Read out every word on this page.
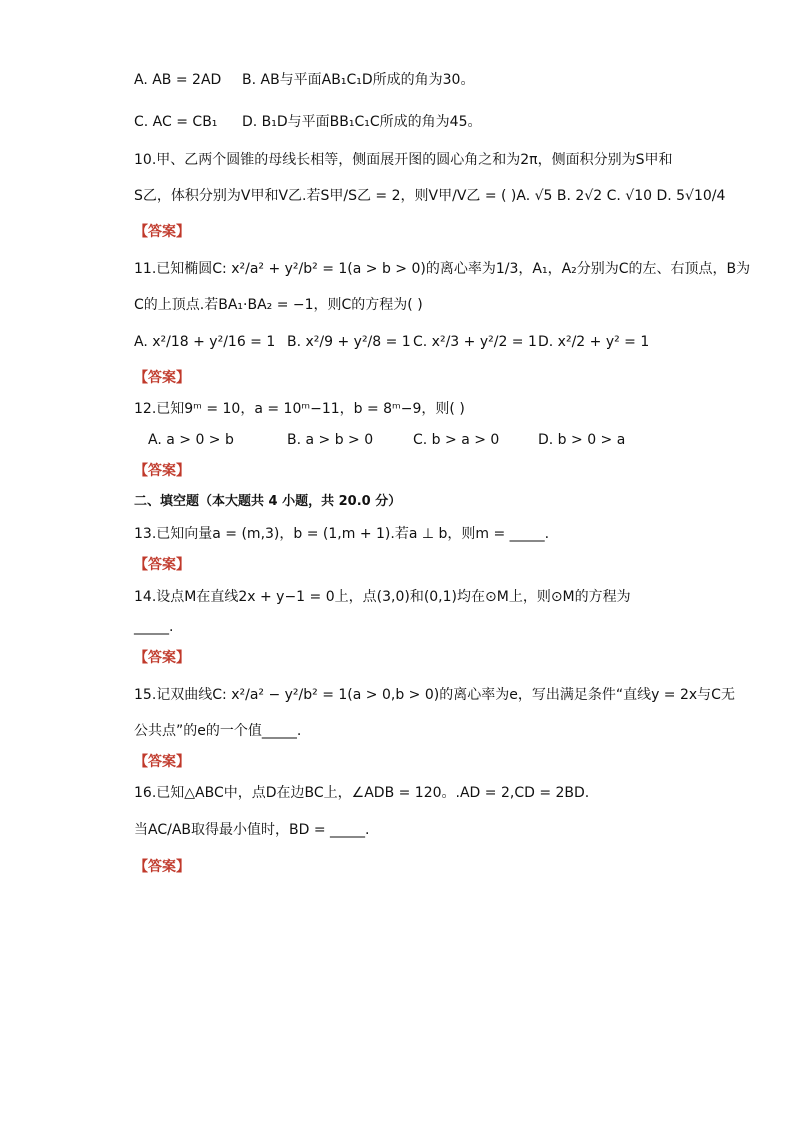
A. AB = 2AD B. AB与平面AB₁C₁D所成的角为30。
C. AC = CB₁ D. B₁D与平面BB₁C₁C所成的角为45。
10.甲、乙两个圆锥的母线长相等，侧面展开图的圆心角之和为2π，侧面积分别为S甲和
S乙，体积分别为V甲和V乙.若S甲/S乙 = 2，则V甲/V乙 = ( )A. √5 B. 2√2 C. √10 D. 5√10/4
【答案】
11.已知椭圆C: x²/a² + y²/b² = 1(a > b > 0)的离心率为1/3，A₁，A₂分别为C的左、右顶点，B为
C的上顶点.若BA₁·BA₂ = −1，则C的方程为( )
A. x²/18 + y²/16 = 1 B. x²/9 + y²/8 = 1 C. x²/3 + y²/2 = 1 D. x²/2 + y² = 1
【答案】
12.已知9ᵐ = 10，a = 10ᵐ−11，b = 8ᵐ−9，则( )
A. a > 0 > b	B. a > b > 0	C. b > a > 0	D. b > 0 > a
【答案】
二、填空题（本大题共 4 小题，共 20.0 分）
13.已知向量a = (m,3)，b = (1,m + 1).若a ⊥ b，则m = _____.
【答案】
14.设点M在直线2x + y−1 = 0上，点(3,0)和(0,1)均在⊙M上，则⊙M的方程为
_____.
【答案】
15.记双曲线C: x²/a² − y²/b² = 1(a > 0,b > 0)的离心率为e，写出满足条件“直线y = 2x与C无
公共点”的e的一个值_____.
【答案】
16.已知△ABC中，点D在边BC上，∠ADB = 120。.AD = 2,CD = 2BD.
当AC/AB取得最小值时，BD = _____.
【答案】
